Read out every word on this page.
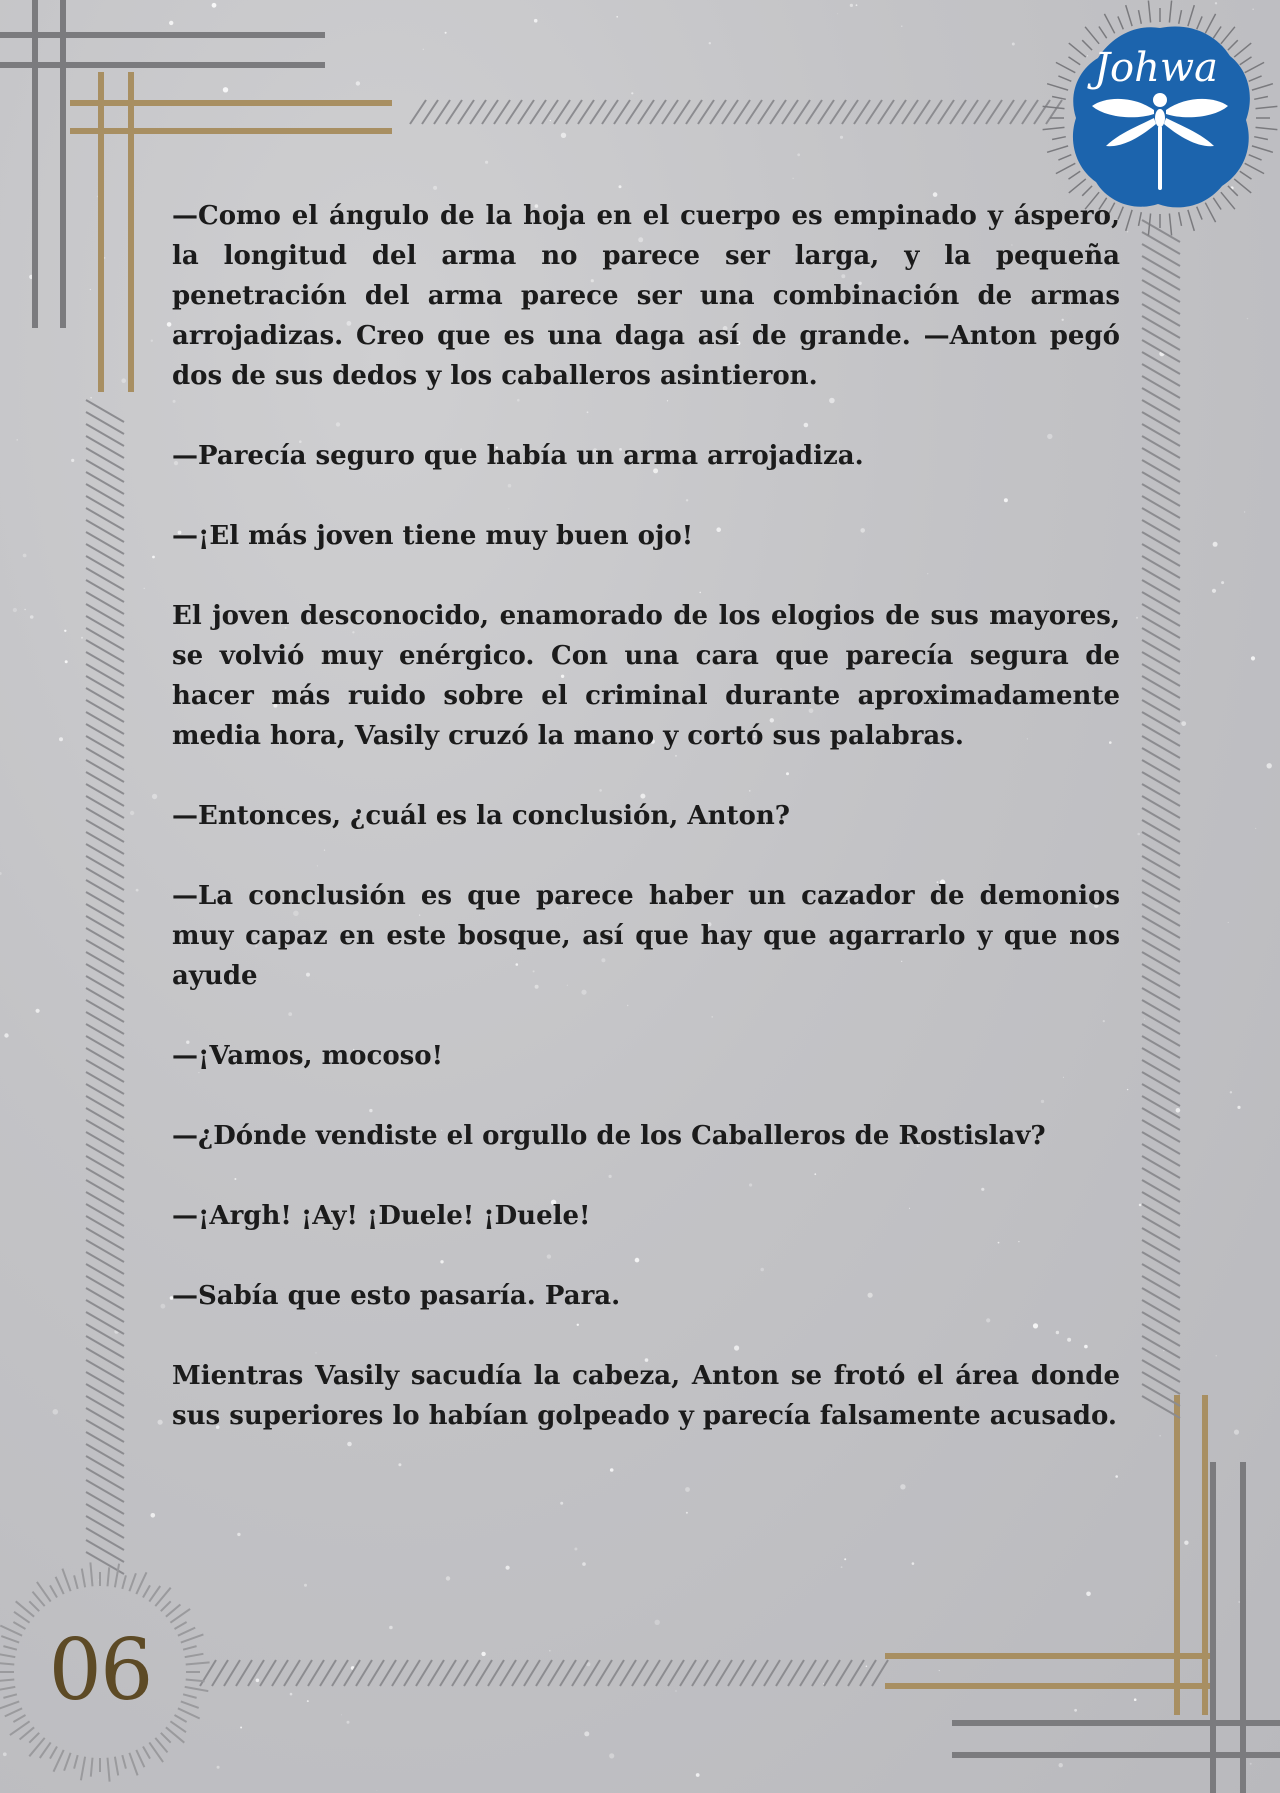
Johwa
06

—Como el ángulo de la hoja en el cuerpo es empinado y áspero, la longitud del arma no parece ser larga, y la pequeña penetración del arma parece ser una combinación de armas arrojadizas. Creo que es una daga así de grande. —Anton pegó dos de sus dedos y los caballeros asintieron.

—Parecía seguro que había un arma arrojadiza.

—¡El más joven tiene muy buen ojo!

El joven desconocido, enamorado de los elogios de sus mayores, se volvió muy enérgico. Con una cara que parecía segura de hacer más ruido sobre el criminal durante aproximadamente media hora, Vasily cruzó la mano y cortó sus palabras.

—Entonces, ¿cuál es la conclusión, Anton?

—La conclusión es que parece haber un cazador de demonios muy capaz en este bosque, así que hay que agarrarlo y que nos ayude

—¡Vamos, mocoso!

—¿Dónde vendiste el orgullo de los Caballeros de Rostislav?

—¡Argh! ¡Ay! ¡Duele! ¡Duele!

—Sabía que esto pasaría. Para.

Mientras Vasily sacudía la cabeza, Anton se frotó el área donde sus superiores lo habían golpeado y parecía falsamente acusado.
